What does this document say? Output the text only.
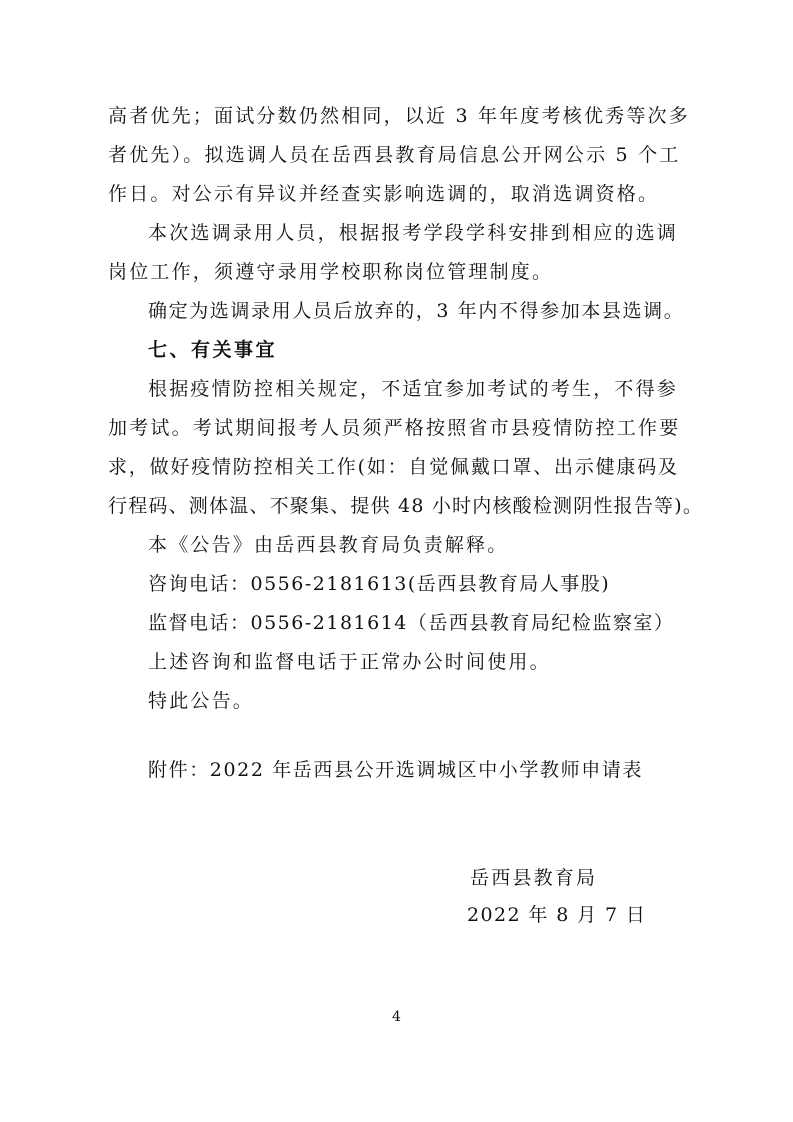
高者优先；面试分数仍然相同，以近 3 年年度考核优秀等次多
者优先）。拟选调人员在岳西县教育局信息公开网公示 5 个工
作日。对公示有异议并经查实影响选调的，取消选调资格。
本次选调录用人员，根据报考学段学科安排到相应的选调
岗位工作，须遵守录用学校职称岗位管理制度。
确定为选调录用人员后放弃的，3 年内不得参加本县选调。
七、有关事宜
根据疫情防控相关规定，不适宜参加考试的考生，不得参
加考试。考试期间报考人员须严格按照省市县疫情防控工作要
求，做好疫情防控相关工作(如：自觉佩戴口罩、出示健康码及
行程码、测体温、不聚集、提供 48 小时内核酸检测阴性报告等)。
本《公告》由岳西县教育局负责解释。
咨询电话：0556-2181613(岳西县教育局人事股)
监督电话：0556-2181614（岳西县教育局纪检监察室）
上述咨询和监督电话于正常办公时间使用。
特此公告。
附件：2022 年岳西县公开选调城区中小学教师申请表
岳西县教育局
2022 年 8 月 7 日
4
